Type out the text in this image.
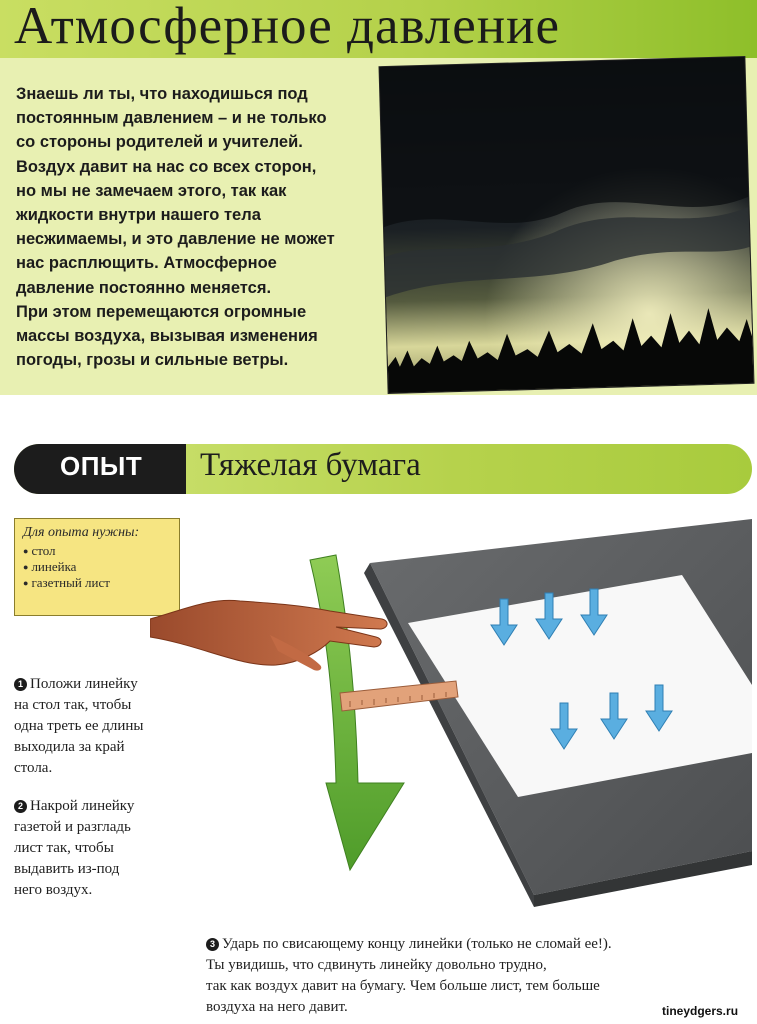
Атмосферное давление

Знаешь ли ты, что находишься под

постоянным давлением – и не только

со стороны родителей и учителей.

Воздух давит на нас со всех сторон,

но мы не замечаем этого, так как

жидкости внутри нашего тела

несжимаемы, и это давление не может

нас расплющить. Атмосферное

давление постоянно меняется.

При этом перемещаются огромные

массы воздуха, вызывая изменения

погоды, грозы и сильные ветры.

ОПЫТ Тяжелая бумага
Для опыта нужны:
● стол
● линейка
● газетный лист
1 Положи линейку
на стол так, чтобы
одна треть ее длины
выходила за край
стола.
2 Накрой линейку
газетой и разгладь
лист так, чтобы
выдавить из-под
него воздух.
3 Ударь по свисающему концу линейки (только не сломай ее!).
Ты увидишь, что сдвинуть линейку довольно трудно,
так как воздух давит на бумагу. Чем больше лист, тем больше
воздуха на него давит.	tineydgers.ru
